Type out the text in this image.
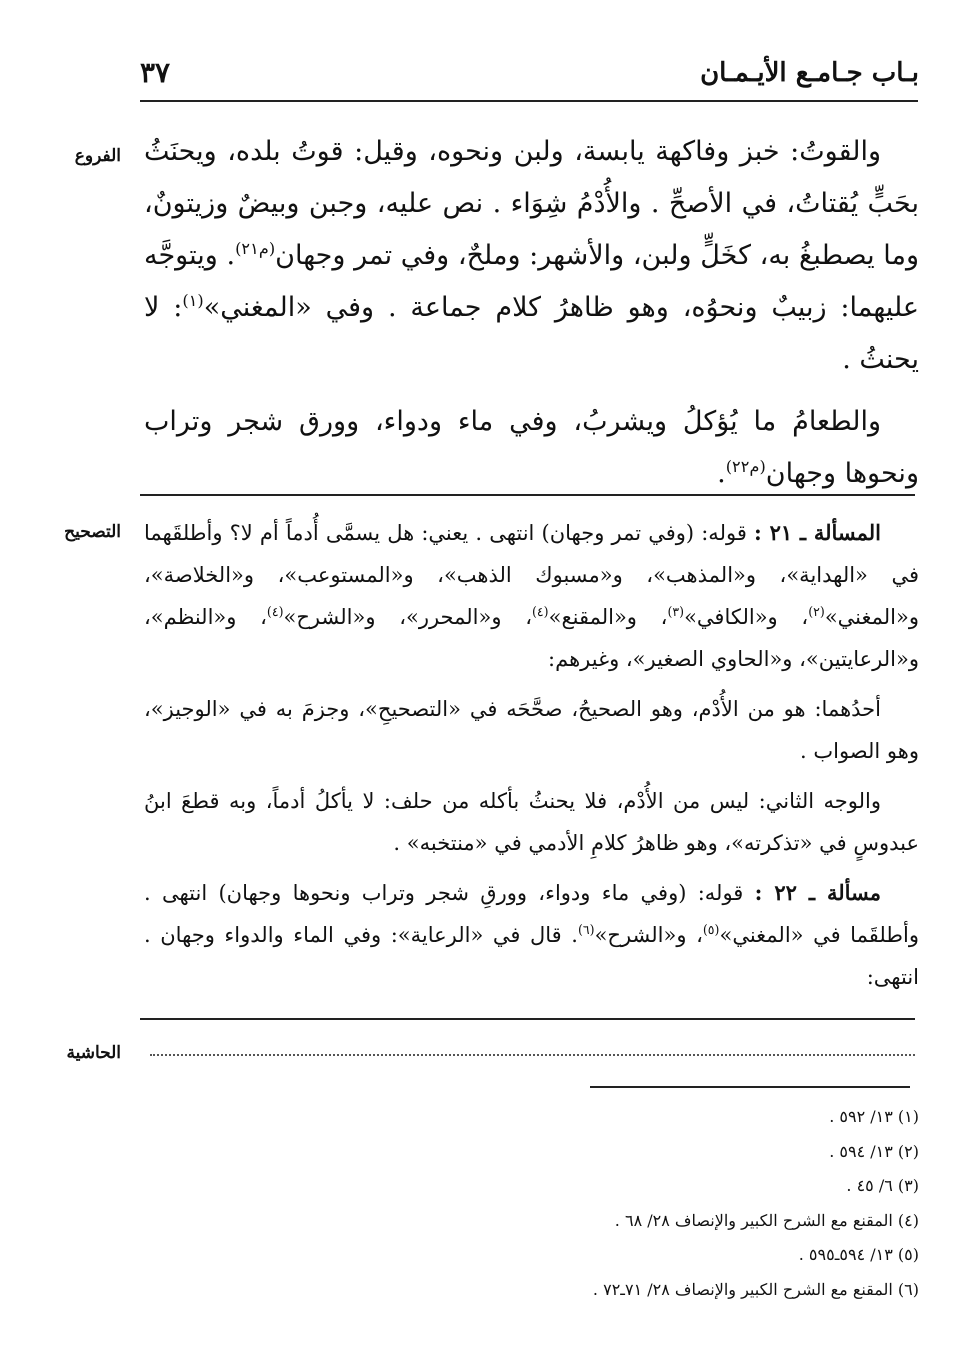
بـاب جـامـع الأيـمـان
٣٧
الفروع
التصحيح
الحاشية

والقوتُ: خبز وفاكهة يابسة، ولبن ونحوه، وقيل: قوتُ بلده، ويحنَثُ بحَبٍّ يُقتاتُ، في الأصحِّ . والأُدْمُ شِوَاء . نص عليه، وجبن وبيضٌ وزيتونٌ، وما يصطبغُ به، كخَلٍّ ولبن، والأشهر: وملحٌ، وفي تمر وجهان$^{(م٢١)}$. ويتوجَّه عليهما: زبيبٌ ونحوُه، وهو ظاهرُ كلام جماعة . وفي «المغني»$^{(١)}$: لا يحنثُ .

والطعامُ ما يُؤكلُ ويشربُ، وفي ماء ودواء، وورق شجر وتراب ونحوها وجهان$^{(م٢٢)}$.

المسألة ـ ٢١ : قوله: (وفي تمر وجهان) انتهى . يعني: هل يسمَّى أُدماً أم لا؟ وأطلقَهما في «الهداية»، و«المذهب»، و«مسبوك الذهب»، و«المستوعب»، و«الخلاصة»، و«المغني»$^{(٢)}$، و«الكافي»$^{(٣)}$، و«المقنع»$^{(٤)}$، و«المحرر»، و«الشرح»$^{(٤)}$، و«النظم»، و«الرعايتين»، و«الحاوي الصغير»، وغيرهم:

أحدُهما: هو من الأُدْم، وهو الصحيحُ، صحَّحَه في «التصحيحِ»، وجزمَ به في «الوجيز»، وهو الصواب .

والوجه الثاني: ليس من الأُدْم، فلا يحنثُ بأكله من حلف: لا يأكلُ أدماً، وبه قطعَ ابنُ عبدوسٍ في «تذكرته»، وهو ظاهرُ كلامِ الأدمي في «منتخبه» .

مسألة ـ ٢٢ : قوله: (وفي ماء ودواء، وورقِ شجر وتراب ونحوها وجهان) انتهى . وأطلقَما في «المغني»$^{(٥)}$، و«الشرح»$^{(٦)}$. قال في «الرعاية»: وفي الماء والدواء وجهان . انتهى:

(١) ١٣/ ٥٩٢ .
(٢) ١٣/ ٥٩٤ .
(٣) ٦/ ٤٥ .
(٤) المقنع مع الشرح الكبير والإنصاف ٢٨/ ٦٨ .
(٥) ١٣/ ٥٩٤ـ٥٩٥ .
(٦) المقنع مع الشرح الكبير والإنصاف ٢٨/ ٧١ـ٧٢ .
